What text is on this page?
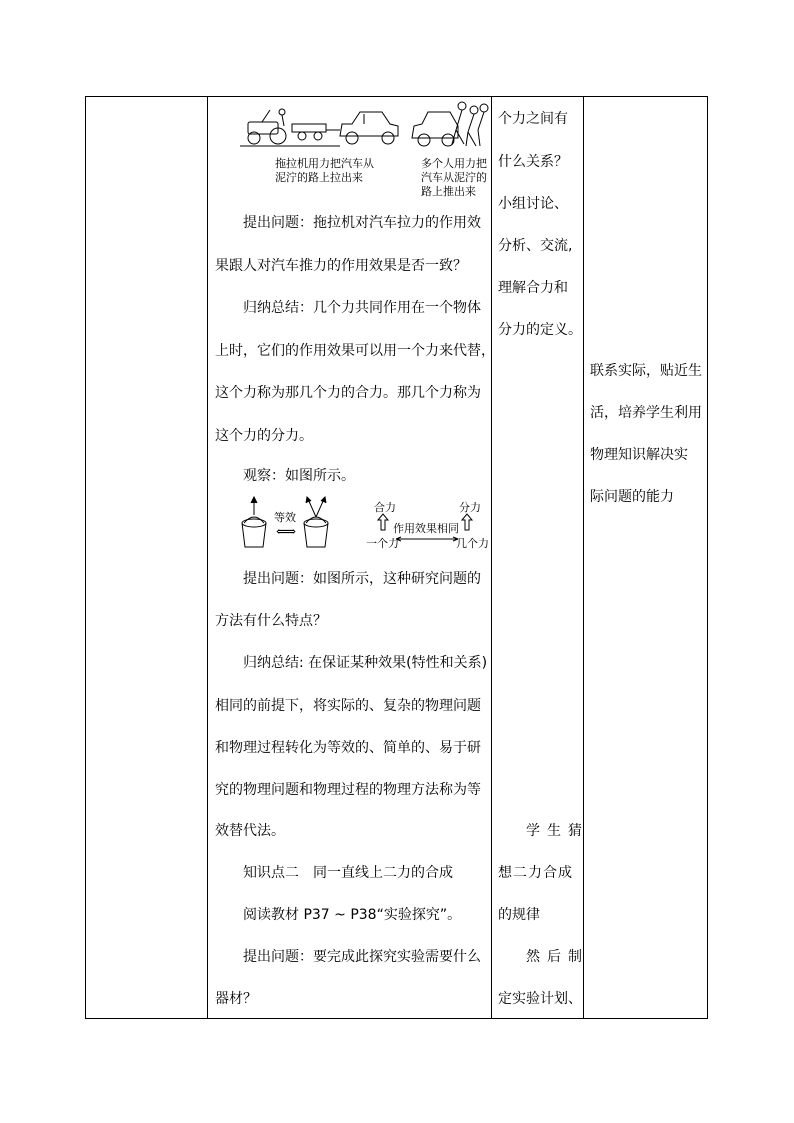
拖拉机用力把汽车从
泥泞的路上拉出来
多个人用力把
汽车从泥泞的
路上推出来
提出问题：拖拉机对汽车拉力的作用效
果跟人对汽车推力的作用效果是否一致？
归纳总结：几个力共同作用在一个物体
上时，它们的作用效果可以用一个力来代替，
这个力称为那几个力的合力。那几个力称为
这个力的分力。
观察：如图所示。
等效
⟺
合力	分力
作用效果相同
一个力	几个力
提出问题：如图所示，这种研究问题的
方法有什么特点？
归纳总结: 在保证某种效果(特性和关系)
相同的前提下，将实际的、复杂的物理问题
和物理过程转化为等效的、简单的、易于研
究的物理问题和物理过程的物理方法称为等
效替代法。
知识点二　同一直线上二力的合成
阅读教材 P37 ~ P38“实验探究”。
提出问题：要完成此探究实验需要什么
器材？
个力之间有
什么关系？
小组讨论、
分析、交流,
理解合力和
分力的定义。
学生猜
想二力合成
的规律
然后制
定实验计划、
联系实际，贴近生
活，培养学生利用
物理知识解决实
际问题的能力
